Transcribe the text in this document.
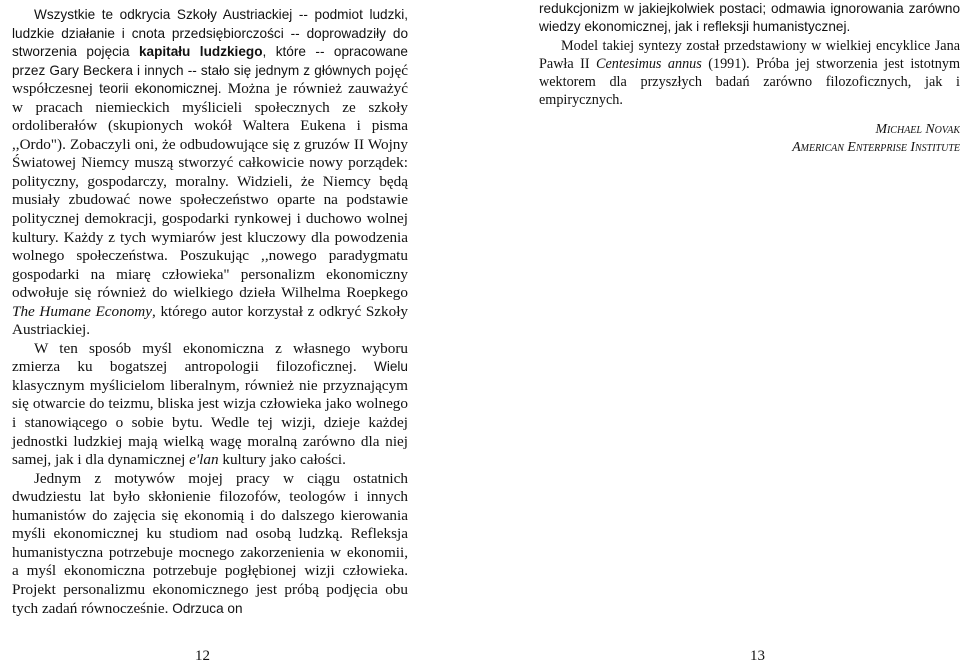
Wszystkie te odkrycia Szkoły Austriackiej -- podmiot ludzki, ludzkie działanie i cnota przedsiębiorczości -- doprowadziły do stworzenia pojęcia kapitału ludzkiego, które -- opracowane przez Gary Beckera i innych -- stało się jednym z głównych pojęć współczesnej teorii ekonomicznej. Można je również zauważyć w pracach niemieckich myślicieli społecznych ze szkoły ordoliberałów (skupionych wokół Waltera Eukena i pisma ,,Ordo"). Zobaczyli oni, że odbudowujące się z gruzów II Wojny Światowej Niemcy muszą stworzyć całkowicie nowy porządek: polityczny, gospodarczy, moralny. Widzieli, że Niemcy będą musiały zbudować nowe społeczeństwo oparte na podstawie politycznej demokracji, gospodarki rynkowej i duchowo wolnej kultury. Każdy z tych wymiarów jest kluczowy dla powodzenia wolnego społeczeństwa. Poszukując ,,nowego paradygmatu gospodarki na miarę człowieka" personalizm ekonomiczny odwołuje się również do wielkiego dzieła Wilhelma Roepkego The Humane Economy, którego autor korzystał z odkryć Szkoły Austriackiej.

W ten sposób myśl ekonomiczna z własnego wyboru zmierza ku bogatszej antropologii filozoficznej. Wielu klasycznym myślicielom liberalnym, również nie przyznającym się otwarcie do teizmu, bliska jest wizja człowieka jako wolnego i stanowiącego o sobie bytu. Wedle tej wizji, dzieje każdej jednostki ludzkiej mają wielką wagę moralną zarówno dla niej samej, jak i dla dynamicznej e'lan kultury jako całości.

Jednym z motywów mojej pracy w ciągu ostatnich dwudziestu lat było skłonienie filozofów, teologów i innych humanistów do zajęcia się ekonomią i do dalszego kierowania myśli ekonomicznej ku studiom nad osobą ludzką. Refleksja humanistyczna potrzebuje mocnego zakorzenienia w ekonomii, a myśl ekonomiczna potrzebuje pogłębionej wizji człowieka. Projekt personalizmu ekonomicznego jest próbą podjęcia obu tych zadań równocześnie. Odrzuca on

12

redukcjonizm w jakiejkolwiek postaci; odmawia ignorowania zarówno wiedzy ekonomicznej, jak i refleksji humanistycznej.

Model takiej syntezy został przedstawiony w wielkiej encyklice Jana Pawła II Centesimus annus (1991). Próba jej stworzenia jest istotnym wektorem dla przyszłych badań zarówno filozoficznych, jak i empirycznych.

Michael Novak

American Enterprise Institute

13
